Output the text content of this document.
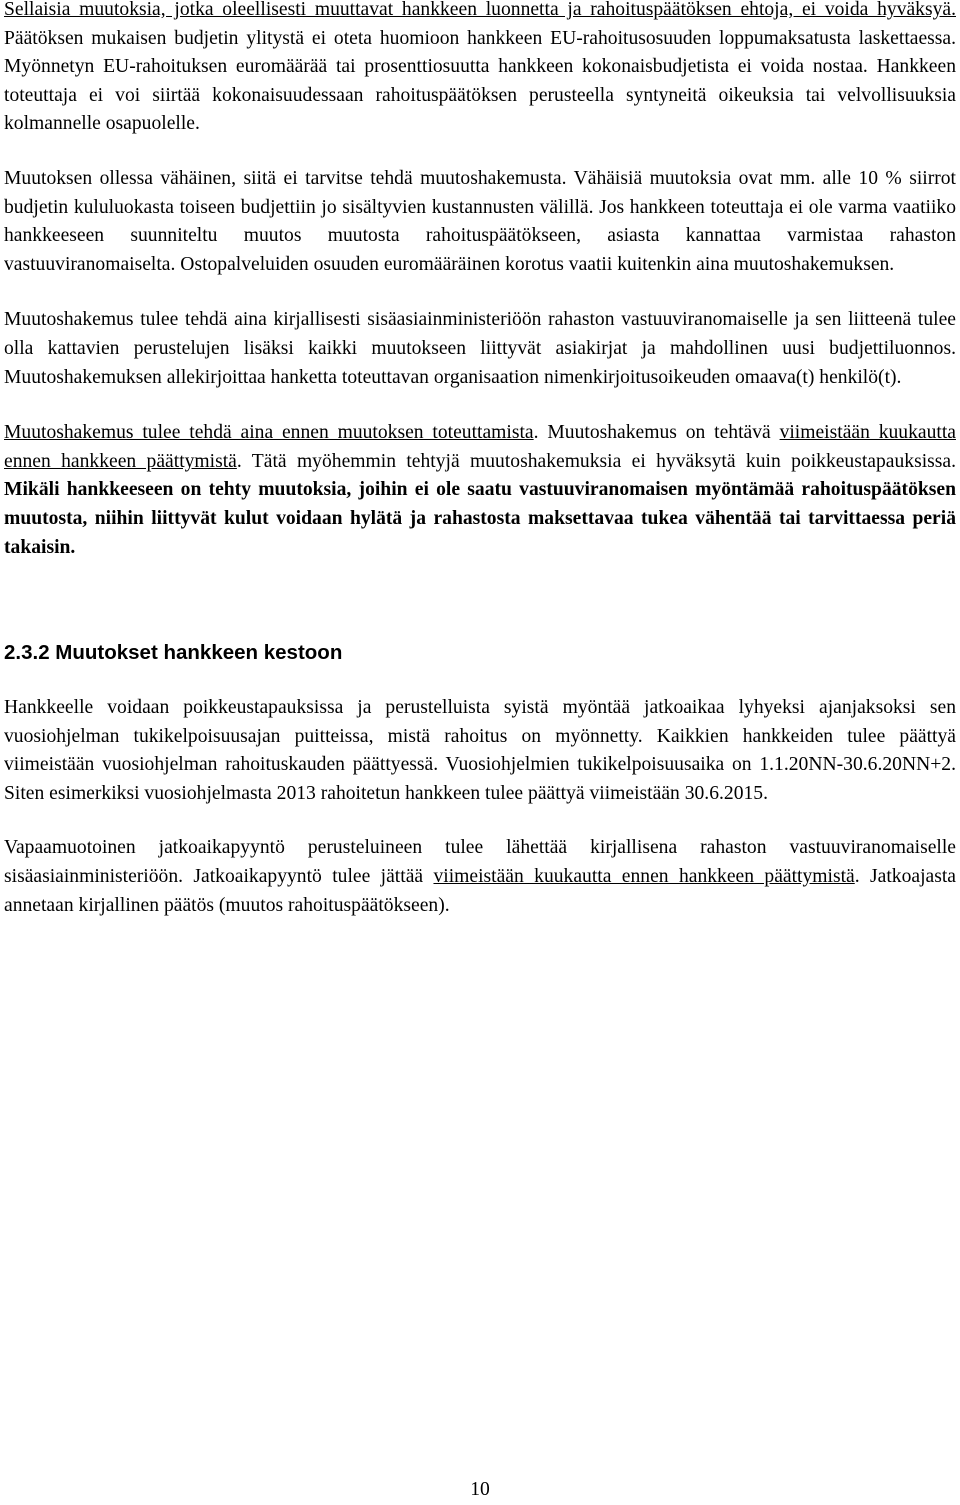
Sellaisia muutoksia, jotka oleellisesti muuttavat hankkeen luonnetta ja rahoituspäätöksen ehtoja, ei voida hyväksyä. Päätöksen mukaisen budjetin ylitystä ei oteta huomioon hankkeen EU-rahoitusosuuden loppumaksatusta laskettaessa. Myönnetyn EU-rahoituksen euromäärää tai prosenttiosuutta hankkeen kokonaisbudjetista ei voida nostaa. Hankkeen toteuttaja ei voi siirtää kokonaisuudessaan rahoituspäätöksen perusteella syntyneitä oikeuksia tai velvollisuuksia kolmannelle osapuolelle.

Muutoksen ollessa vähäinen, siitä ei tarvitse tehdä muutoshakemusta. Vähäisiä muutoksia ovat mm. alle 10 % siirrot budjetin kululuokasta toiseen budjettiin jo sisältyvien kustannusten välillä. Jos hankkeen toteuttaja ei ole varma vaatiiko hankkeeseen suunniteltu muutos muutosta rahoituspäätökseen, asiasta kannattaa varmistaa rahaston vastuuviranomaiselta. Ostopalveluiden osuuden euromääräinen korotus vaatii kuitenkin aina muutoshakemuksen.

Muutoshakemus tulee tehdä aina kirjallisesti sisäasiainministeriöön rahaston vastuuviranomaiselle ja sen liitteenä tulee olla kattavien perustelujen lisäksi kaikki muutokseen liittyvät asiakirjat ja mahdollinen uusi budjettiluonnos. Muutoshakemuksen allekirjoittaa hanketta toteuttavan organisaation nimenkirjoitusoikeuden omaava(t) henkilö(t).

Muutoshakemus tulee tehdä aina ennen muutoksen toteuttamista. Muutoshakemus on tehtävä viimeistään kuukautta ennen hankkeen päättymistä. Tätä myöhemmin tehtyjä muutoshakemuksia ei hyväksytä kuin poikkeustapauksissa. Mikäli hankkeeseen on tehty muutoksia, joihin ei ole saatu vastuuviranomaisen myöntämää rahoituspäätöksen muutosta, niihin liittyvät kulut voidaan hylätä ja rahastosta maksettavaa tukea vähentää tai tarvittaessa periä takaisin.

2.3.2 Muutokset hankkeen kestoon

Hankkeelle voidaan poikkeustapauksissa ja perustelluista syistä myöntää jatkoaikaa lyhyeksi ajanjaksoksi sen vuosiohjelman tukikelpoisuusajan puitteissa, mistä rahoitus on myönnetty. Kaikkien hankkeiden tulee päättyä viimeistään vuosiohjelman rahoituskauden päättyessä. Vuosiohjelmien tukikelpoisuusaika on 1.1.20NN-30.6.20NN+2. Siten esimerkiksi vuosiohjelmasta 2013 rahoitetun hankkeen tulee päättyä viimeistään 30.6.2015.

Vapaamuotoinen jatkoaikapyyntö perusteluineen tulee lähettää kirjallisena rahaston vastuuviranomaiselle sisäasiainministeriöön. Jatkoaikapyyntö tulee jättää viimeistään kuukautta ennen hankkeen päättymistä. Jatkoajasta annetaan kirjallinen päätös (muutos rahoituspäätökseen).

10
